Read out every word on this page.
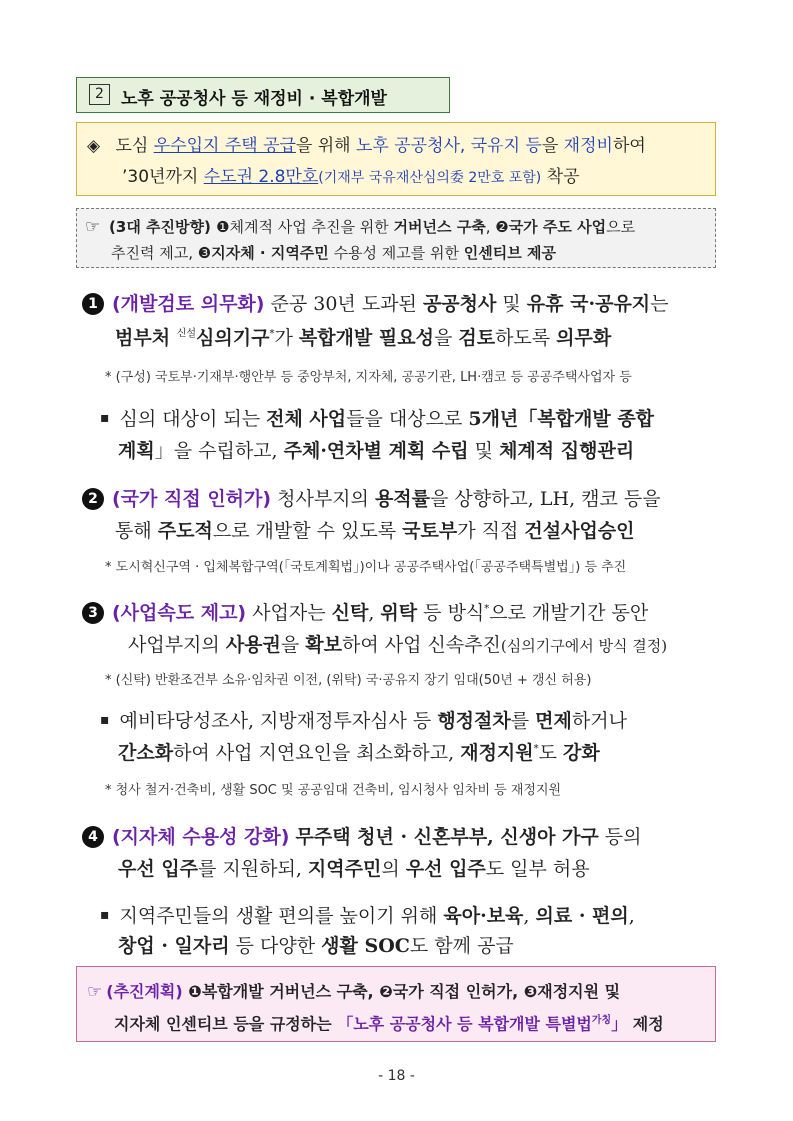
2	노후 공공청사 등 재정비 · 복합개발
◈ 도심 우수입지 주택 공급을 위해 노후 공공청사, 국유지 등을 재정비하여
’30년까지 수도권 2.8만호(기재부 국유재산심의委 2만호 포함) 착공
☞ (3대 추진방향) ❶체계적 사업 추진을 위한 거버넌스 구축, ❷국가 주도 사업으로
추진력 제고, ❸지자체 · 지역주민 수용성 제고를 위한 인센티브 제공
1 (개발검토 의무화) 준공 30년 도과된 공공청사 및 유휴 국·공유지는
범부처 $^{신설}$심의기구*가 복합개발 필요성을 검토하도록 의무화
* (구성) 국토부·기재부·행안부 등 중앙부처, 지자체, 공공기관, LH·캠코 등 공공주택사업자 등
▪ 심의 대상이 되는 전체 사업들을 대상으로 5개년「복합개발 종합
계획」을 수립하고, 주체·연차별 계획 수립 및 체계적 집행관리
2 (국가 직접 인허가) 청사부지의 용적률을 상향하고, LH, 캠코 등을
통해 주도적으로 개발할 수 있도록 국토부가 직접 건설사업승인
* 도시혁신구역 · 입체복합구역(｢국토계획법｣)이나 공공주택사업(｢공공주택특별법｣) 등 추진
3 (사업속도 제고) 사업자는 신탁, 위탁 등 방식*으로 개발기간 동안
사업부지의 사용권을 확보하여 사업 신속추진(심의기구에서 방식 결정)
* (신탁) 반환조건부 소유·임차권 이전, (위탁) 국·공유지 장기 임대(50년 + 갱신 허용)
▪ 예비타당성조사, 지방재정투자심사 등 행정절차를 면제하거나
간소화하여 사업 지연요인을 최소화하고, 재정지원*도 강화
* 청사 철거·건축비, 생활 SOC 및 공공임대 건축비, 임시청사 임차비 등 재정지원
4 (지자체 수용성 강화) 무주택 청년 · 신혼부부, 신생아 가구 등의
우선 입주를 지원하되, 지역주민의 우선 입주도 일부 허용
▪ 지역주민들의 생활 편의를 높이기 위해 육아·보육, 의료 · 편의,
창업 · 일자리 등 다양한 생활 SOC도 함께 공급
☞ (추진계획) ❶복합개발 거버넌스 구축, ❷국가 직접 인허가, ❸재정지원 및
지자체 인센티브 등을 규정하는 「노후 공공청사 등 복합개발 특별법$^{가칭}$」 제정
- 18 -
